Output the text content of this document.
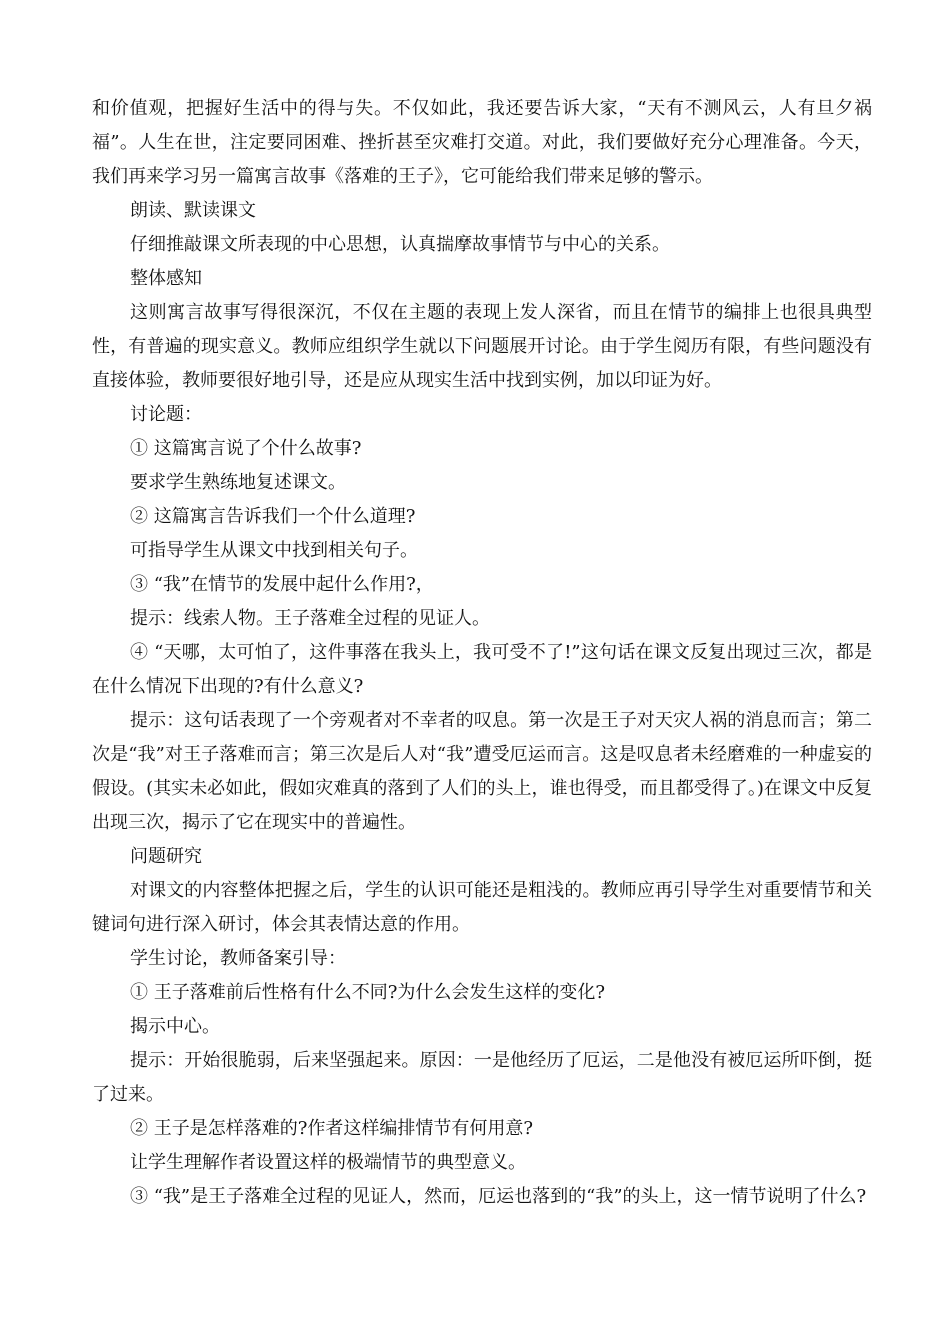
和价值观，把握好生活中的得与失。不仅如此，我还要告诉大家，“天有不测风云，人有旦夕祸福”。人生在世，注定要同困难、挫折甚至灾难打交道。对此，我们要做好充分心理准备。今天，我们再来学习另一篇寓言故事《落难的王子》，它可能给我们带来足够的警示。

朗读、默读课文

仔细推敲课文所表现的中心思想，认真揣摩故事情节与中心的关系。

整体感知

这则寓言故事写得很深沉，不仅在主题的表现上发人深省，而且在情节的编排上也很具典型性，有普遍的现实意义。教师应组织学生就以下问题展开讨论。由于学生阅历有限，有些问题没有直接体验，教师要很好地引导，还是应从现实生活中找到实例，加以印证为好。

讨论题：

① 这篇寓言说了个什么故事?

要求学生熟练地复述课文。

② 这篇寓言告诉我们一个什么道理?

可指导学生从课文中找到相关句子。

③ “我”在情节的发展中起什么作用?，

提示：线索人物。王子落难全过程的见证人。

④ “天哪，太可怕了，这件事落在我头上，我可受不了!”这句话在课文反复出现过三次，都是在什么情况下出现的?有什么意义?

提示：这句话表现了一个旁观者对不幸者的叹息。第一次是王子对天灾人祸的消息而言；第二次是“我”对王子落难而言；第三次是后人对“我”遭受厄运而言。这是叹息者未经磨难的一种虚妄的假设。(其实未必如此，假如灾难真的落到了人们的头上，谁也得受，而且都受得了。)在课文中反复出现三次，揭示了它在现实中的普遍性。

问题研究

对课文的内容整体把握之后，学生的认识可能还是粗浅的。教师应再引导学生对重要情节和关键词句进行深入研讨，体会其表情达意的作用。

学生讨论，教师备案引导：

① 王子落难前后性格有什么不同?为什么会发生这样的变化?

揭示中心。

提示：开始很脆弱，后来坚强起来。原因：一是他经历了厄运，二是他没有被厄运所吓倒，挺了过来。

② 王子是怎样落难的?作者这样编排情节有何用意?

让学生理解作者设置这样的极端情节的典型意义。

③ “我”是王子落难全过程的见证人，然而，厄运也落到的“我”的头上，这一情节说明了什么?
